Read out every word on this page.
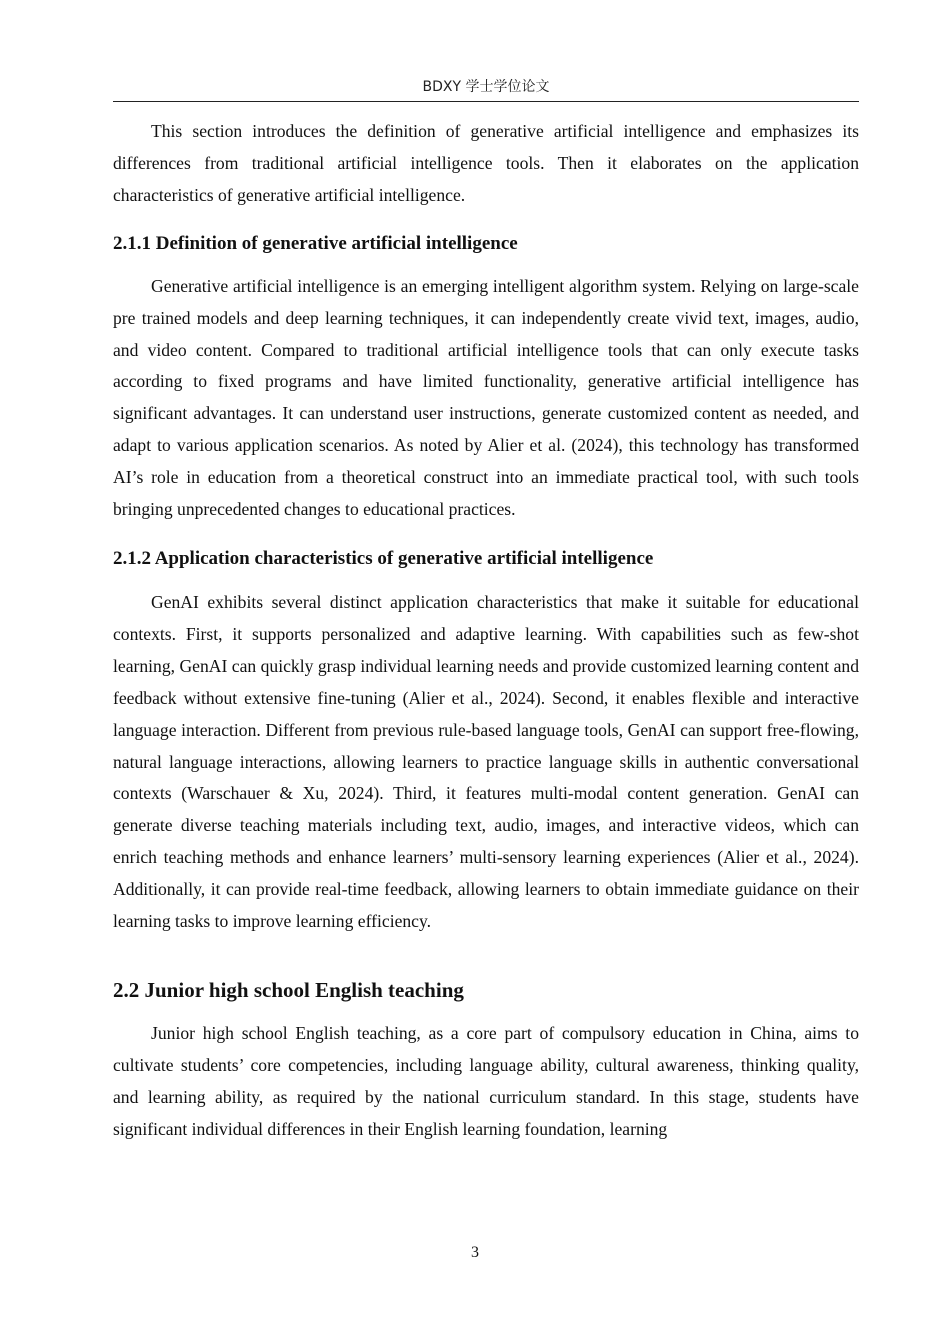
BDXY 学士学位论文

This section introduces the definition of generative artificial intelligence and emphasizes its differences from traditional artificial intelligence tools. Then it elaborates on the application characteristics of generative artificial intelligence.

2.1.1 Definition of generative artificial intelligence

Generative artificial intelligence is an emerging intelligent algorithm system. Relying on large-scale pre trained models and deep learning techniques, it can independently create vivid text, images, audio, and video content. Compared to traditional artificial intelligence tools that can only execute tasks according to fixed programs and have limited functionality, generative artificial intelligence has significant advantages. It can understand user instructions, generate customized content as needed, and adapt to various application scenarios. As noted by Alier et al. (2024), this technology has transformed AI’s role in education from a theoretical construct into an immediate practical tool, with such tools bringing unprecedented changes to educational practices.

2.1.2 Application characteristics of generative artificial intelligence

GenAI exhibits several distinct application characteristics that make it suitable for educational contexts. First, it supports personalized and adaptive learning. With capabilities such as few-shot learning, GenAI can quickly grasp individual learning needs and provide customized learning content and feedback without extensive fine-tuning (Alier et al., 2024). Second, it enables flexible and interactive language interaction. Different from previous rule-based language tools, GenAI can support free-flowing, natural language interactions, allowing learners to practice language skills in authentic conversational contexts (Warschauer & Xu, 2024). Third, it features multi-modal content generation. GenAI can generate diverse teaching materials including text, audio, images, and interactive videos, which can enrich teaching methods and enhance learners’ multi-sensory learning experiences (Alier et al., 2024). Additionally, it can provide real-time feedback, allowing learners to obtain immediate guidance on their learning tasks to improve learning efficiency.

2.2 Junior high school English teaching

Junior high school English teaching, as a core part of compulsory education in China, aims to cultivate students’ core competencies, including language ability, cultural awareness, thinking quality, and learning ability, as required by the national curriculum standard. In this stage, students have significant individual differences in their English learning foundation, learning

3
